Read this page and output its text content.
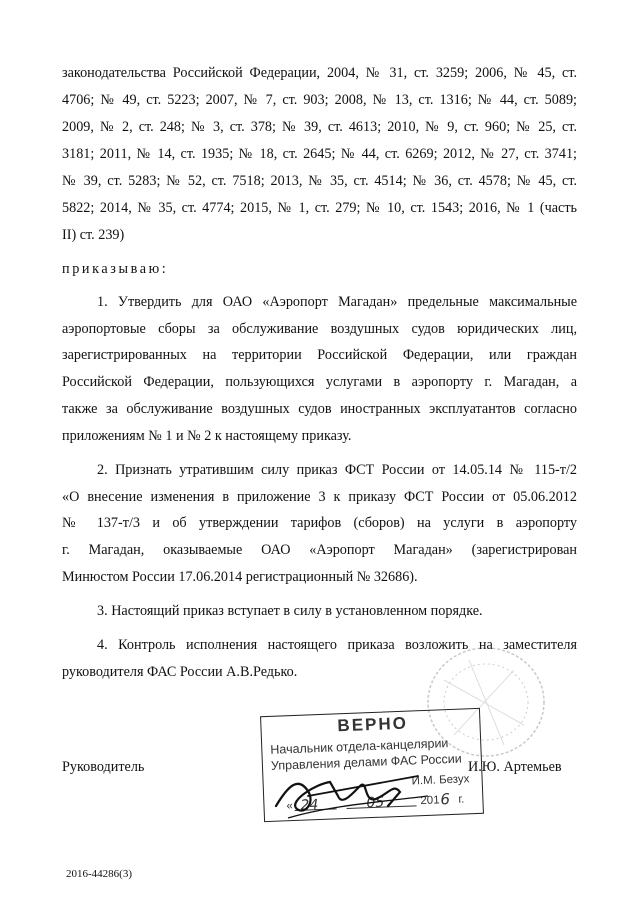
законодательства Российской Федерации, 2004, № 31, ст. 3259; 2006, № 45, ст.
4706; № 49, ст. 5223; 2007, № 7, ст. 903; 2008, № 13, ст. 1316; № 44, ст. 5089;
2009, № 2, ст. 248; № 3, ст. 378; № 39, ст. 4613; 2010, № 9, ст. 960; № 25, ст.
3181; 2011, № 14, ст. 1935; № 18, ст. 2645; № 44, ст. 6269; 2012, № 27, ст. 3741;
№ 39, ст. 5283; № 52, ст. 7518; 2013, № 35, ст. 4514; № 36, ст. 4578; № 45, ст.
5822; 2014, № 35, ст. 4774; 2015, № 1, ст. 279; № 10, ст. 1543; 2016, № 1 (часть
II) ст. 239)
приказываю:
1. Утвердить для ОАО «Аэропорт Магадан» предельные максимальные
аэропортовые сборы за обслуживание воздушных судов юридических лиц,
зарегистрированных на территории Российской Федерации, или граждан
Российской Федерации, пользующихся услугами в аэропорту г. Магадан, а
также за обслуживание воздушных судов иностранных эксплуатантов согласно
приложениям № 1 и № 2 к настоящему приказу.
2. Признать утратившим силу приказ ФСТ России от 14.05.14 № 115-т/2
«О внесение изменения в приложение 3 к приказу ФСТ России от 05.06.2012
№ 137-т/3 и об утверждении тарифов (сборов) на услуги в аэропорту
г. Магадан, оказываемые ОАО «Аэропорт Магадан» (зарегистрирован
Минюстом России 17.06.2014 регистрационный № 32686).
3. Настоящий приказ вступает в силу в установленном порядке.
4. Контроль исполнения настоящего приказа возложить на заместителя
руководителя ФАС России А.В.Редько.
Руководитель	И.Ю. Артемьев
ВЕРНО
Начальник отдела-канцелярии
Управления делами ФАС России
И.М. Безух
« 24	05	201 6 г.
2016-44286(3)
